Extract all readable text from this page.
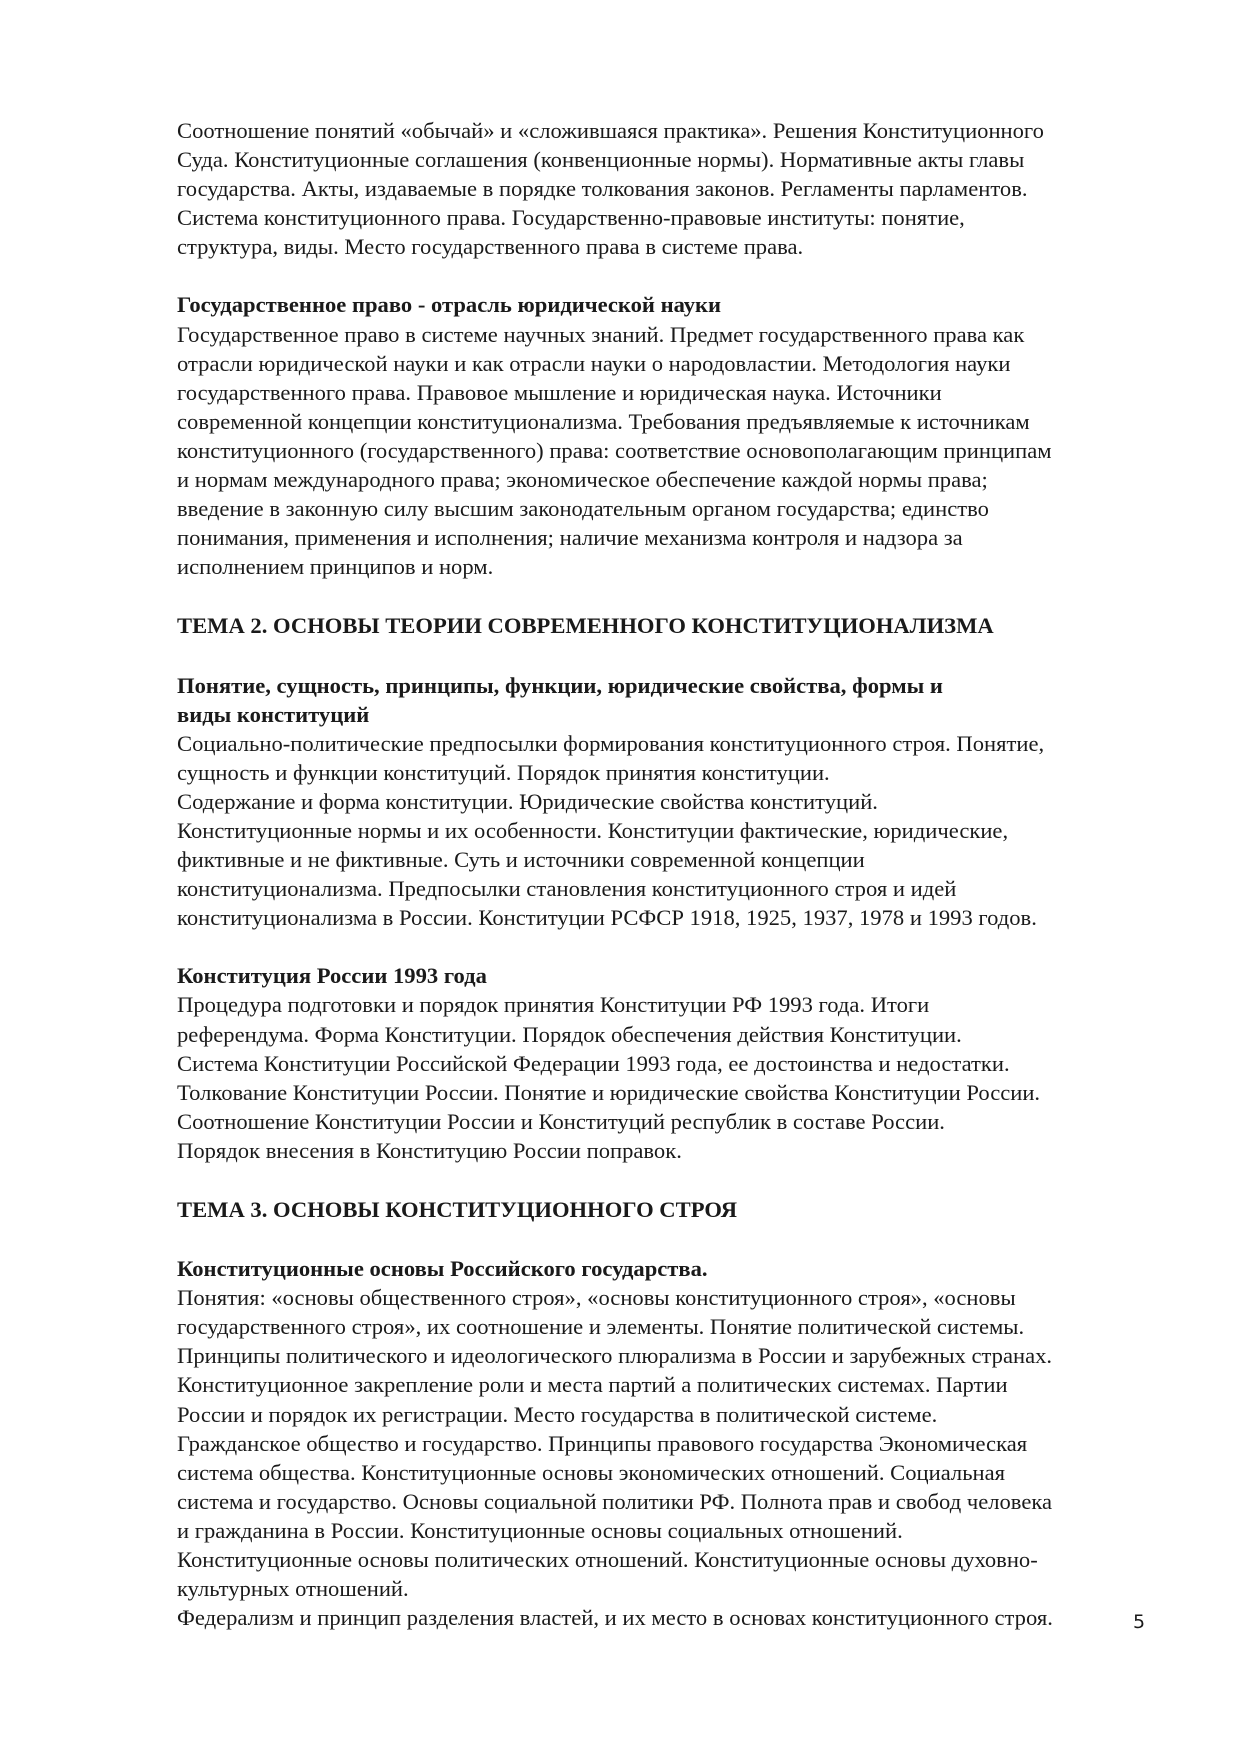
Соотношение понятий «обычай» и «сложившаяся практика». Решения Конституционного
Суда. Конституционные соглашения (конвенционные нормы). Нормативные акты главы
государства. Акты, издаваемые в порядке толкования законов. Регламенты парламентов.
Система конституционного права. Государственно-правовые институты: понятие,
структура, виды. Место государственного права в системе права.
Государственное право - отрасль юридической науки
Государственное право в системе научных знаний. Предмет государственного права как
отрасли юридической науки и как отрасли науки о народовластии. Методология науки
государственного права. Правовое мышление и юридическая наука. Источники
современной концепции конституционализма. Требования предъявляемые к источникам
конституционного (государственного) права: соответствие основополагающим принципам
и нормам международного права; экономическое обеспечение каждой нормы права;
введение в законную силу высшим законодательным органом государства; единство
понимания, применения и исполнения; наличие механизма контроля и надзора за
исполнением принципов и норм.
ТЕМА 2. ОСНОВЫ ТЕОРИИ СОВРЕМЕННОГО КОНСТИТУЦИОНАЛИЗМА
Понятие, сущность, принципы, функции, юридические свойства, формы и
виды конституций
Социально-политические предпосылки формирования конституционного строя. Понятие,
сущность и функции конституций. Порядок принятия конституции.
Содержание и форма конституции. Юридические свойства конституций.
Конституционные нормы и их особенности. Конституции фактические, юридические,
фиктивные и не фиктивные. Суть и источники современной концепции
конституционализма. Предпосылки становления конституционного строя и идей
конституционализма в России. Конституции РСФСР 1918, 1925, 1937, 1978 и 1993 годов.
Конституция России 1993 года
Процедура подготовки и порядок принятия Конституции РФ 1993 года. Итоги
референдума. Форма Конституции. Порядок обеспечения действия Конституции.
Система Конституции Российской Федерации 1993 года, ее достоинства и недостатки.
Толкование Конституции России. Понятие и юридические свойства Конституции России.
Соотношение Конституции России и Конституций республик в составе России.
Порядок внесения в Конституцию России поправок.
ТЕМА 3. ОСНОВЫ КОНСТИТУЦИОННОГО СТРОЯ
Конституционные основы Российского государства.
Понятия: «основы общественного строя», «основы конституционного строя», «основы
государственного строя», их соотношение и элементы. Понятие политической системы.
Принципы политического и идеологического плюрализма в России и зарубежных странах.
Конституционное закрепление роли и места партий а политических системах. Партии
России и порядок их регистрации. Место государства в политической системе.
Гражданское общество и государство. Принципы правового государства Экономическая
система общества. Конституционные основы экономических отношений. Социальная
система и государство. Основы социальной политики РФ. Полнота прав и свобод человека
и гражданина в России. Конституционные основы социальных отношений.
Конституционные основы политических отношений. Конституционные основы духовно-
культурных отношений.
Федерализм и принцип разделения властей, и их место в основах конституционного строя.	5
